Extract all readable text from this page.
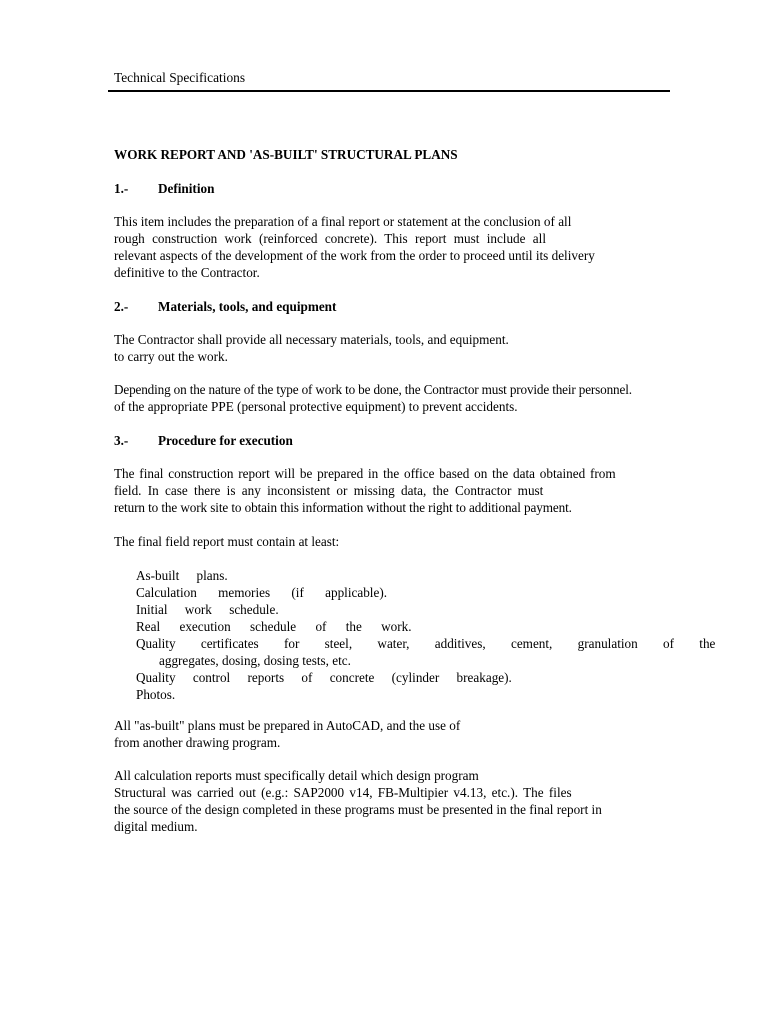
Technical Specifications
WORK REPORT AND 'AS-BUILT' STRUCTURAL PLANS
1.- Definition
This item includes the preparation of a final report or statement at the conclusion of all
rough construction work (reinforced concrete). This report must include all
relevant aspects of the development of the work from the order to proceed until its delivery
definitive to the Contractor.
2.- Materials, tools, and equipment
The Contractor shall provide all necessary materials, tools, and equipment.
to carry out the work.
Depending on the nature of the type of work to be done, the Contractor must provide their personnel.
of the appropriate PPE (personal protective equipment) to prevent accidents.
3.- Procedure for execution
The final construction report will be prepared in the office based on the data obtained from
field. In case there is any inconsistent or missing data, the Contractor must
return to the work site to obtain this information without the right to additional payment.
The final field report must contain at least:
As-built plans.
Calculation memories (if applicable).
Initial work schedule.
Real execution schedule of the work.
Quality certificates for steel, water, additives, cement, granulation of the
aggregates, dosing, dosing tests, etc.
Quality control reports of concrete (cylinder breakage).
Photos.
All "as-built" plans must be prepared in AutoCAD, and the use of
from another drawing program.
All calculation reports must specifically detail which design program
Structural was carried out (e.g.: SAP2000 v14, FB-Multipier v4.13, etc.). The files
the source of the design completed in these programs must be presented in the final report in
digital medium.
